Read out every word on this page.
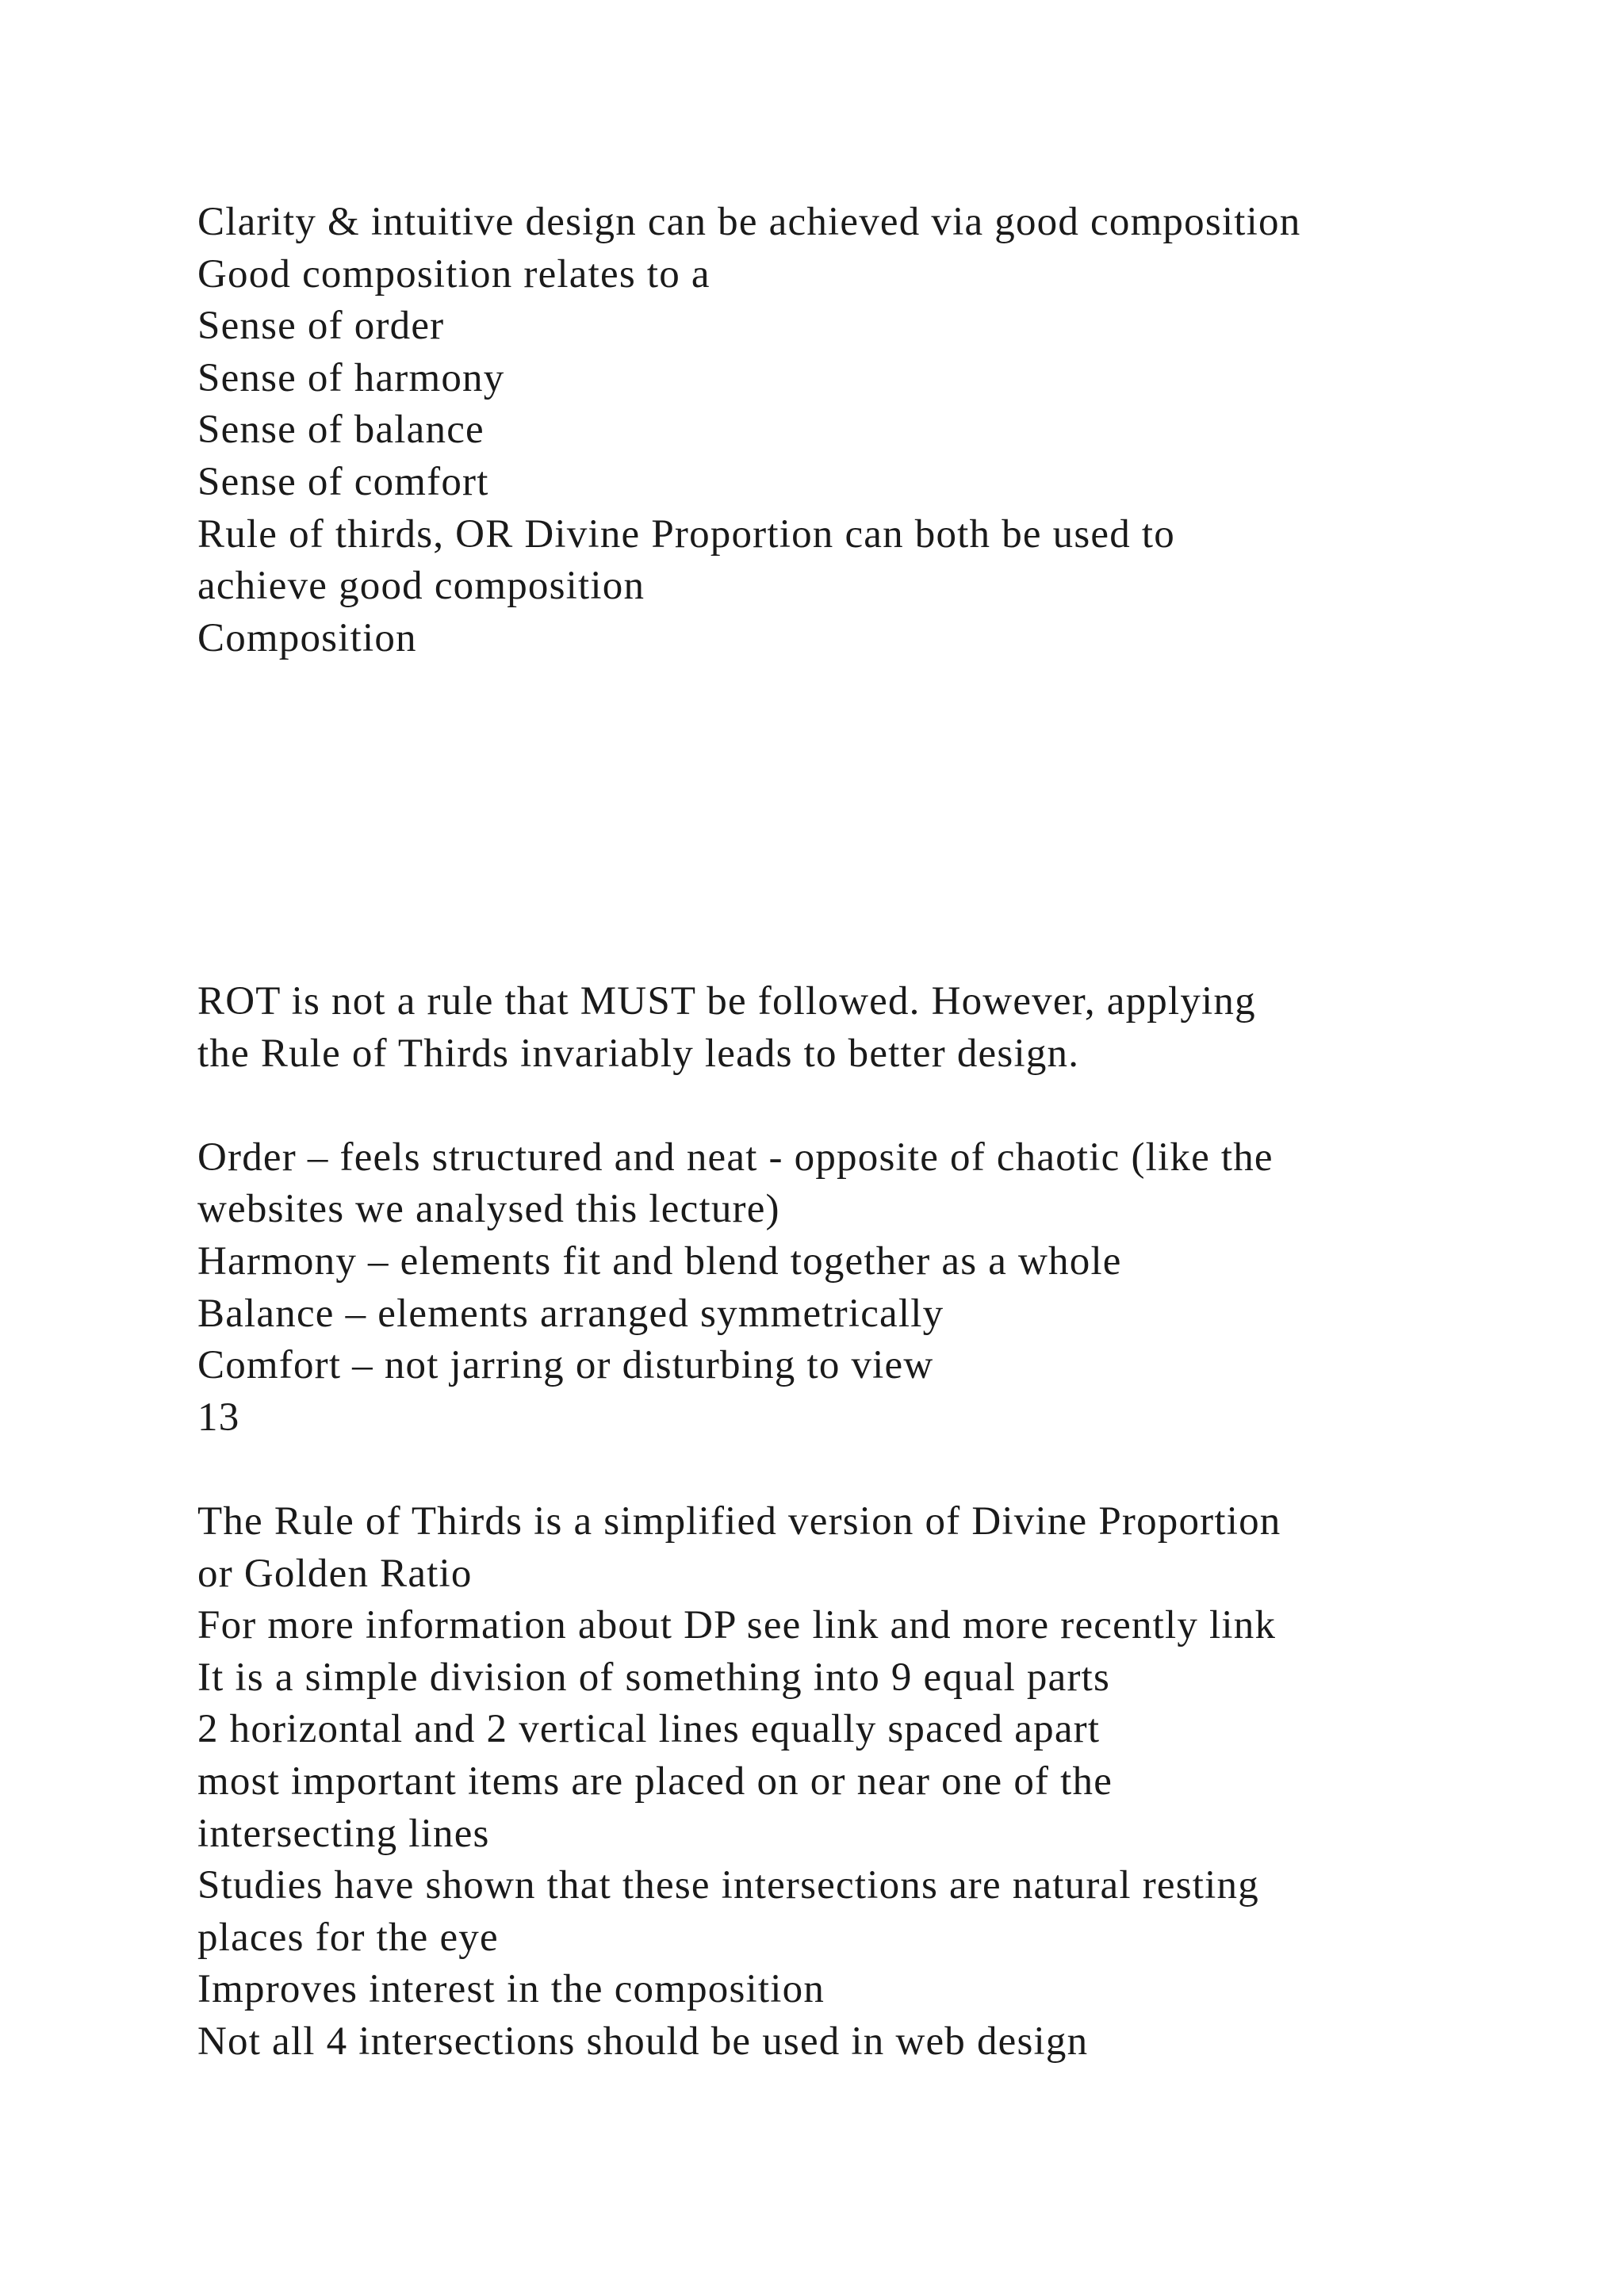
Clarity & intuitive design can be achieved via good composition
Good composition relates to a
Sense of order
Sense of harmony
Sense of balance
Sense of comfort
Rule of thirds, OR Divine Proportion can both be used to
achieve good composition
Composition
ROT is not a rule that MUST be followed. However, applying
the Rule of Thirds invariably leads to better design.
Order – feels structured and neat - opposite of chaotic (like the
websites we analysed this lecture)
Harmony – elements fit and blend together as a whole
Balance – elements arranged symmetrically
Comfort – not jarring or disturbing to view
13
The Rule of Thirds is a simplified version of Divine Proportion
or Golden Ratio
For more information about DP see link and more recently link
It is a simple division of something into 9 equal parts
2 horizontal and 2 vertical lines equally spaced apart
most important items are placed on or near one of the
intersecting lines
Studies have shown that these intersections are natural resting
places for the eye
Improves interest in the composition
Not all 4 intersections should be used in web design
